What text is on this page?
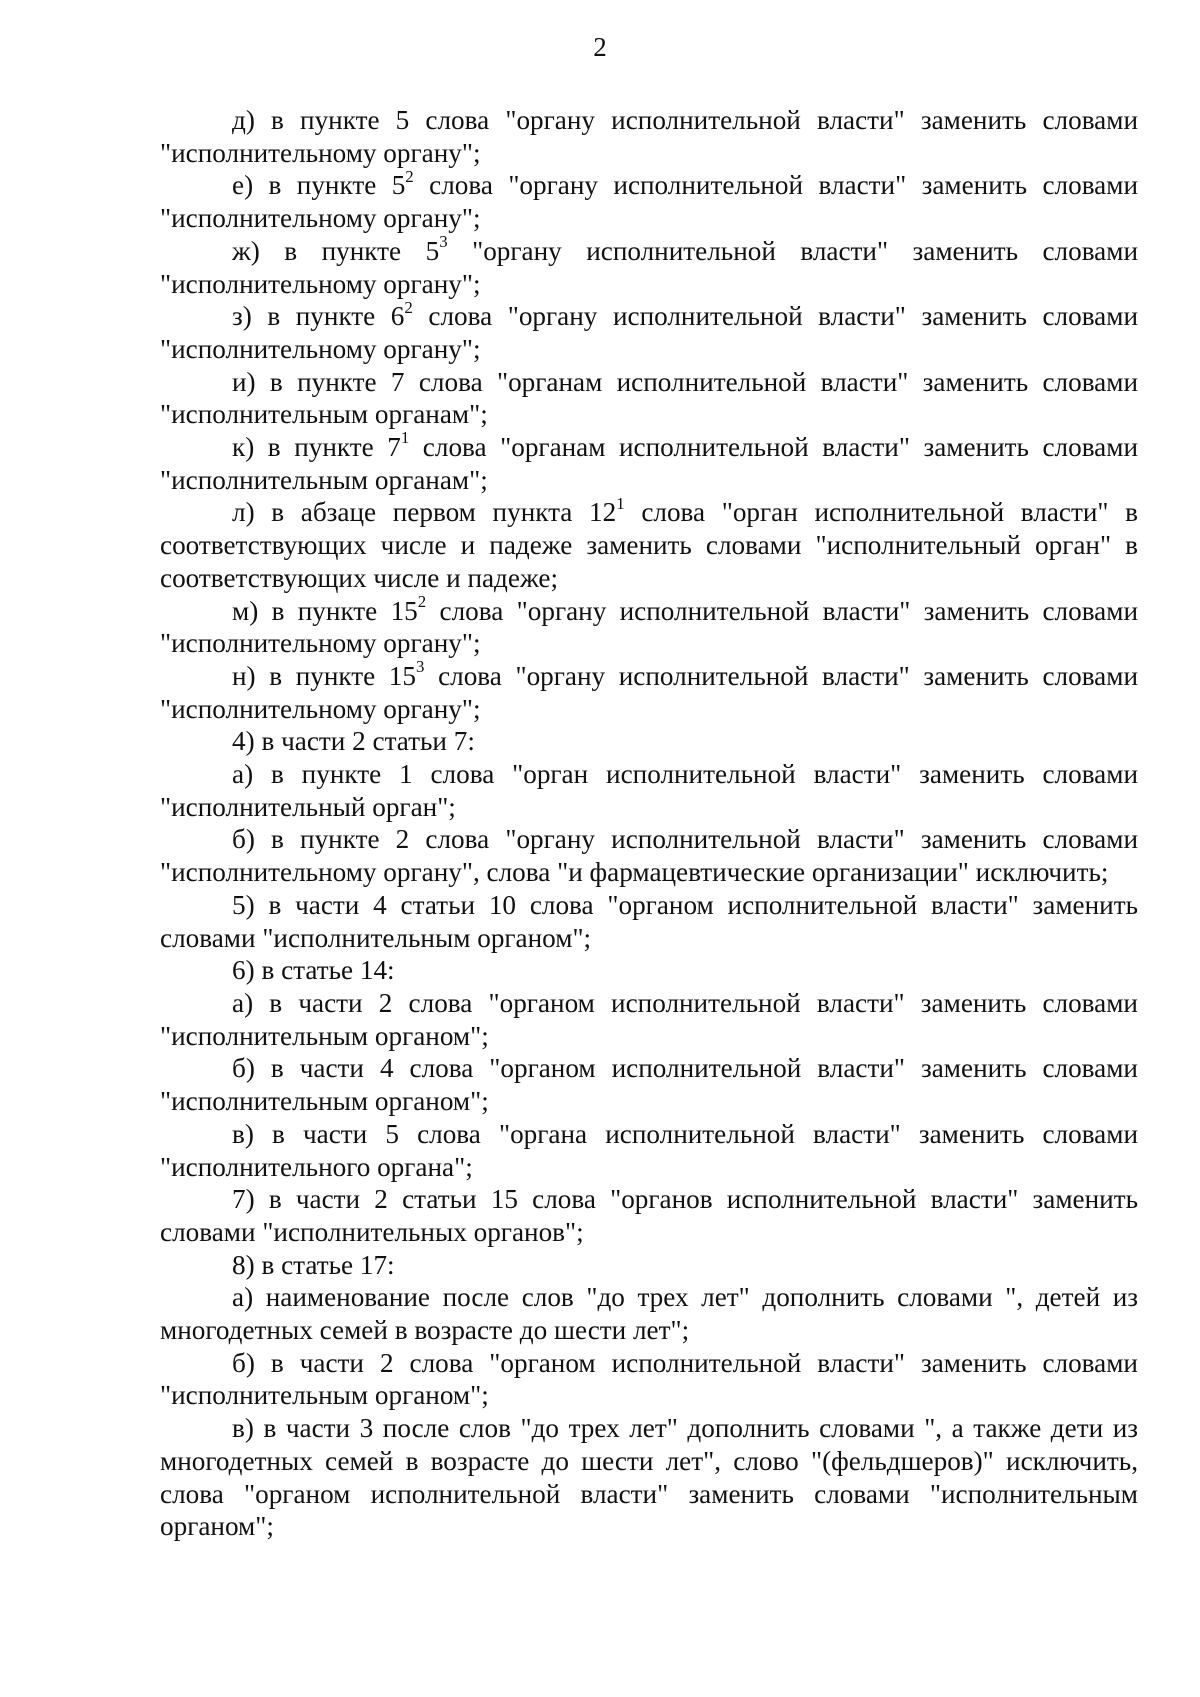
2

д) в пункте 5 слова "органу исполнительной власти" заменить словами "исполнительному органу";

е) в пункте $5^2$ слова "органу исполнительной власти" заменить словами "исполнительному органу";

ж) в пункте $5^3$ "органу исполнительной власти" заменить словами "исполнительному органу";

з) в пункте $6^2$ слова "органу исполнительной власти" заменить словами "исполнительному органу";

и) в пункте 7 слова "органам исполнительной власти" заменить словами "исполнительным органам";

к) в пункте $7^1$ слова "органам исполнительной власти" заменить словами "исполнительным органам";

л) в абзаце первом пункта $12^1$ слова "орган исполнительной власти" в соответствующих числе и падеже заменить словами "исполнительный орган" в соответствующих числе и падеже;

м) в пункте $15^2$ слова "органу исполнительной власти" заменить словами "исполнительному органу";

н) в пункте $15^3$ слова "органу исполнительной власти" заменить словами "исполнительному органу";

4) в части 2 статьи 7:

а) в пункте 1 слова "орган исполнительной власти" заменить словами "исполнительный орган";

б) в пункте 2 слова "органу исполнительной власти" заменить словами "исполнительному органу", слова "и фармацевтические организации" исключить;

5) в части 4 статьи 10 слова "органом исполнительной власти" заменить словами "исполнительным органом";

6) в статье 14:

а) в части 2 слова "органом исполнительной власти" заменить словами "исполнительным органом";

б) в части 4 слова "органом исполнительной власти" заменить словами "исполнительным органом";

в) в части 5 слова "органа исполнительной власти" заменить словами "исполнительного органа";

7) в части 2 статьи 15 слова "органов исполнительной власти" заменить словами "исполнительных органов";

8) в статье 17:

а) наименование после слов "до трех лет" дополнить словами ", детей из многодетных семей в возрасте до шести лет";

б) в части 2 слова "органом исполнительной власти" заменить словами "исполнительным органом";

в) в части 3 после слов "до трех лет" дополнить словами ", а также дети из многодетных семей в возрасте до шести лет", слово "(фельдшеров)" исключить, слова "органом исполнительной власти" заменить словами "исполнительным органом";
